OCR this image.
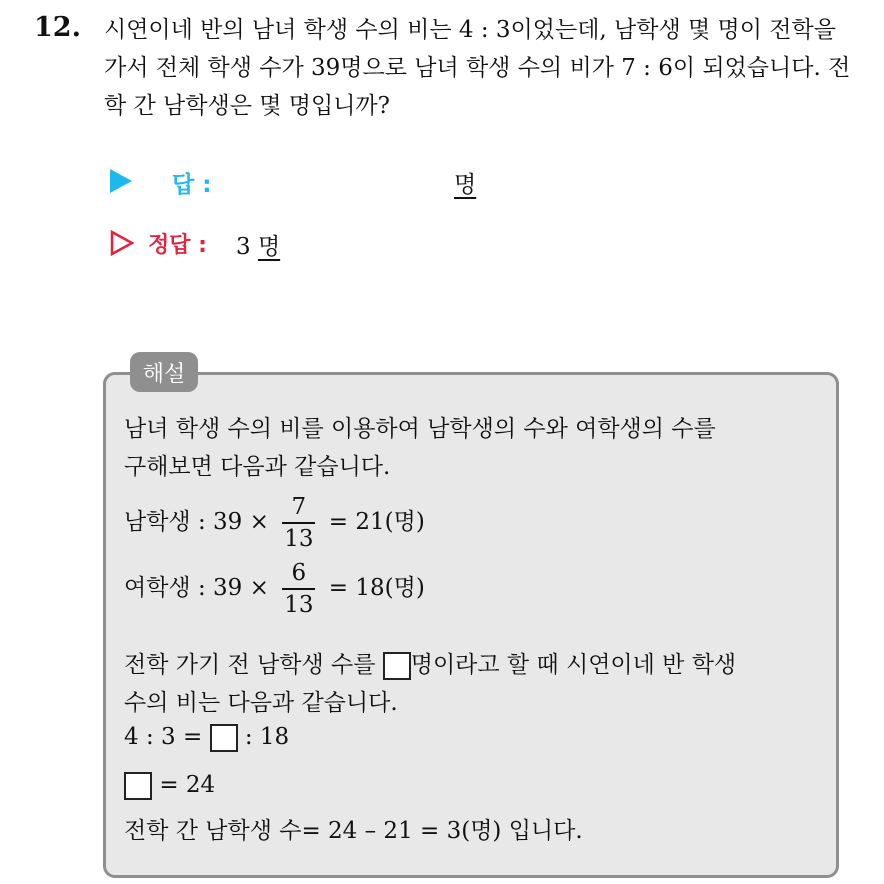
12. 시연이네 반의 남녀 학생 수의 비는 4 : 3이었는데, 남학생 몇 명이 전학을 가서 전체 학생 수가 39명으로 남녀 학생 수의 비가 7 : 6이 되었습니다. 전학 간 남학생은 몇 명입니까?

답 :	명
정답 : 3 명
해설
남녀 학생 수의 비를 이용하여 남학생의 수와 여학생의 수를
구해보면 다음과 같습니다.
남학생 : $39 \times \frac{7}{13} = 21$(명)
여학생 : $39 \times \frac{6}{13} = 18$(명)
전학 가기 전 남학생 수를 명이라고 할 때 시연이네 반 학생
수의 비는 다음과 같습니다.
4 : 3 = : 18
= 24
전학 간 남학생 수= 24 – 21 = 3(명) 입니다.
